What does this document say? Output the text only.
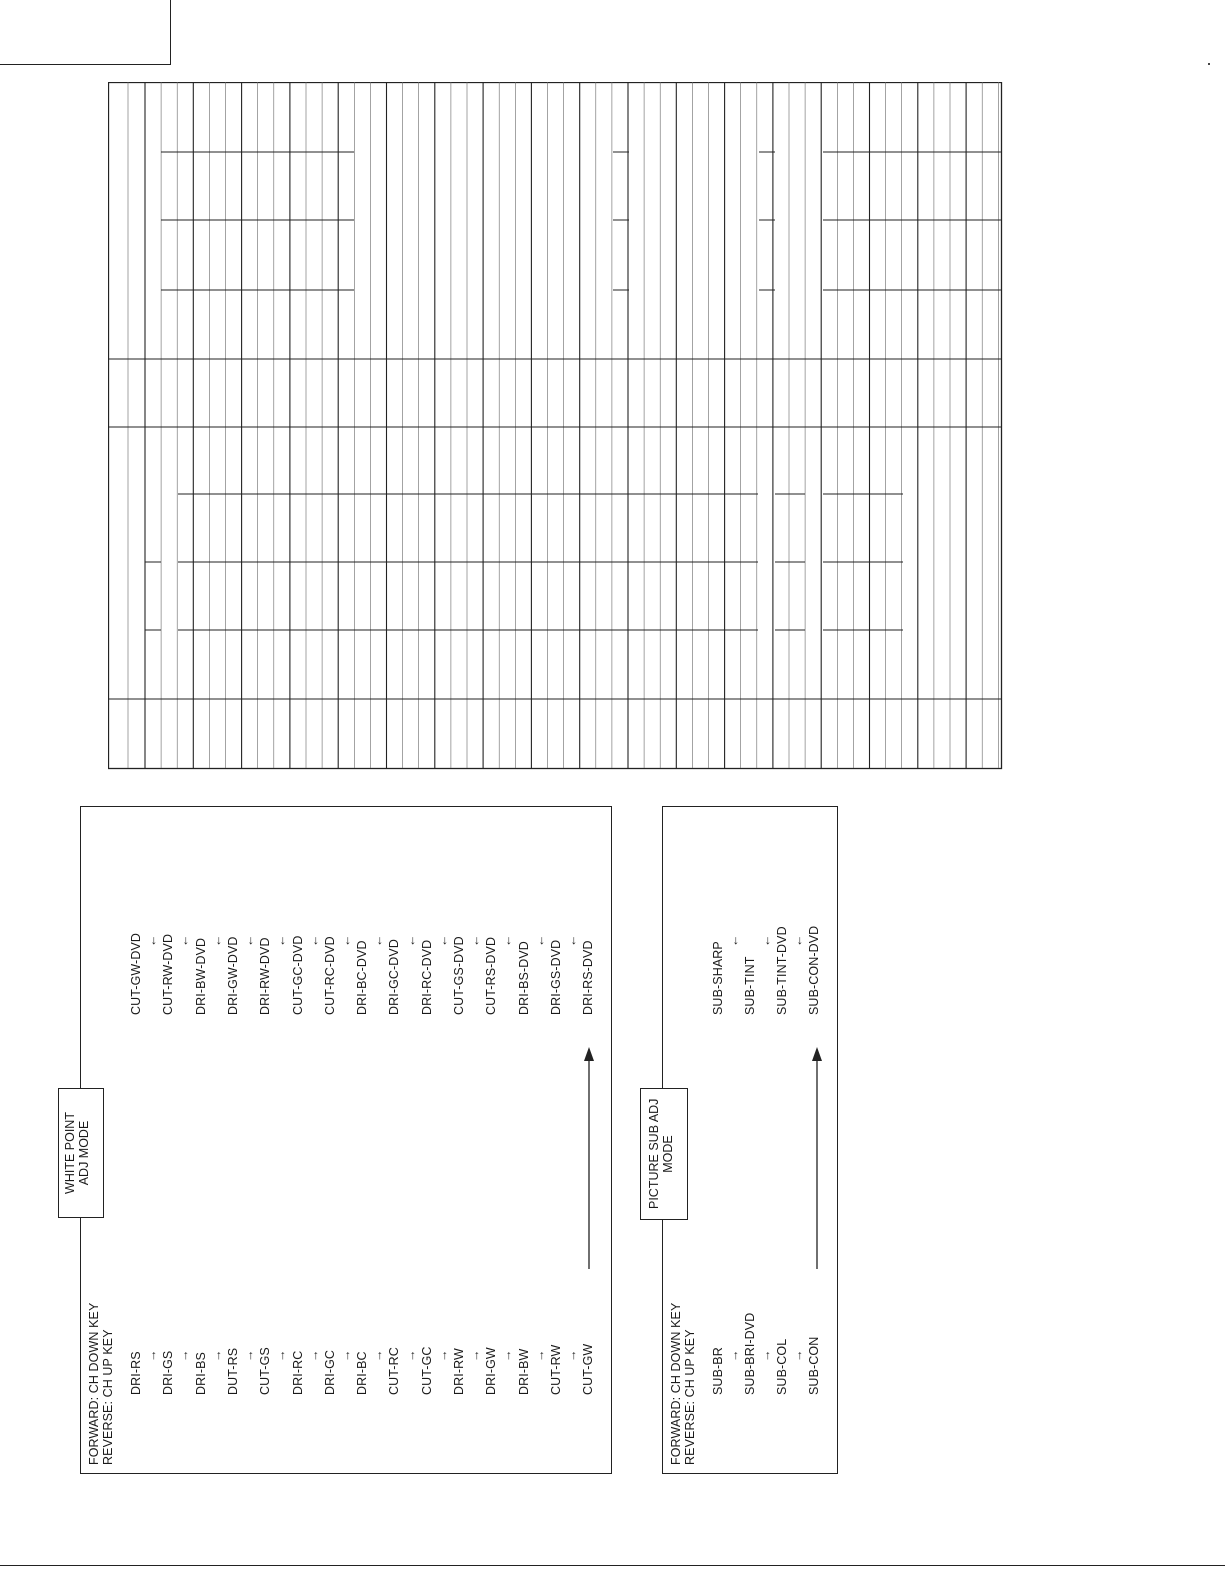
FORWARD: CH DOWN KEY REVERSE: CH UP KEY DRI-RS → DRI-GS → DRI-BS → DUT-RS → CUT-GS → DRI-RC → DRI-GC → DRI-BC → CUT-RC → CUT-GC → DRI-RW → DRI-GW → DRI-BW → CUT-RW → CUT-GW
CUT-GW-DVD ← CUT-RW-DVD ← DRI-BW-DVD ← DRI-GW-DVD ← DRI-RW-DVD ← CUT-GC-DVD ← CUT-RC-DVD ← DRI-BC-DVD ← DRI-GC-DVD ← DRI-RC-DVD ← CUT-GS-DVD ← CUT-RS-DVD ←
DRI-BS-DVD
← DRI-GS-DVD ← DRI-RS-DVD
WHITE POINT ADJ MODE
FORWARD: CH DOWN KEY REVERSE: CH UP KEY SUB-BR → SUB-BRI-DVD → SUB-COL → SUB-CON
SUB-SHARP
←
SUB-TINT
← SUB-TINT-DVD ← SUB-CON-DVD
PICTURE SUB ADJ MODE
